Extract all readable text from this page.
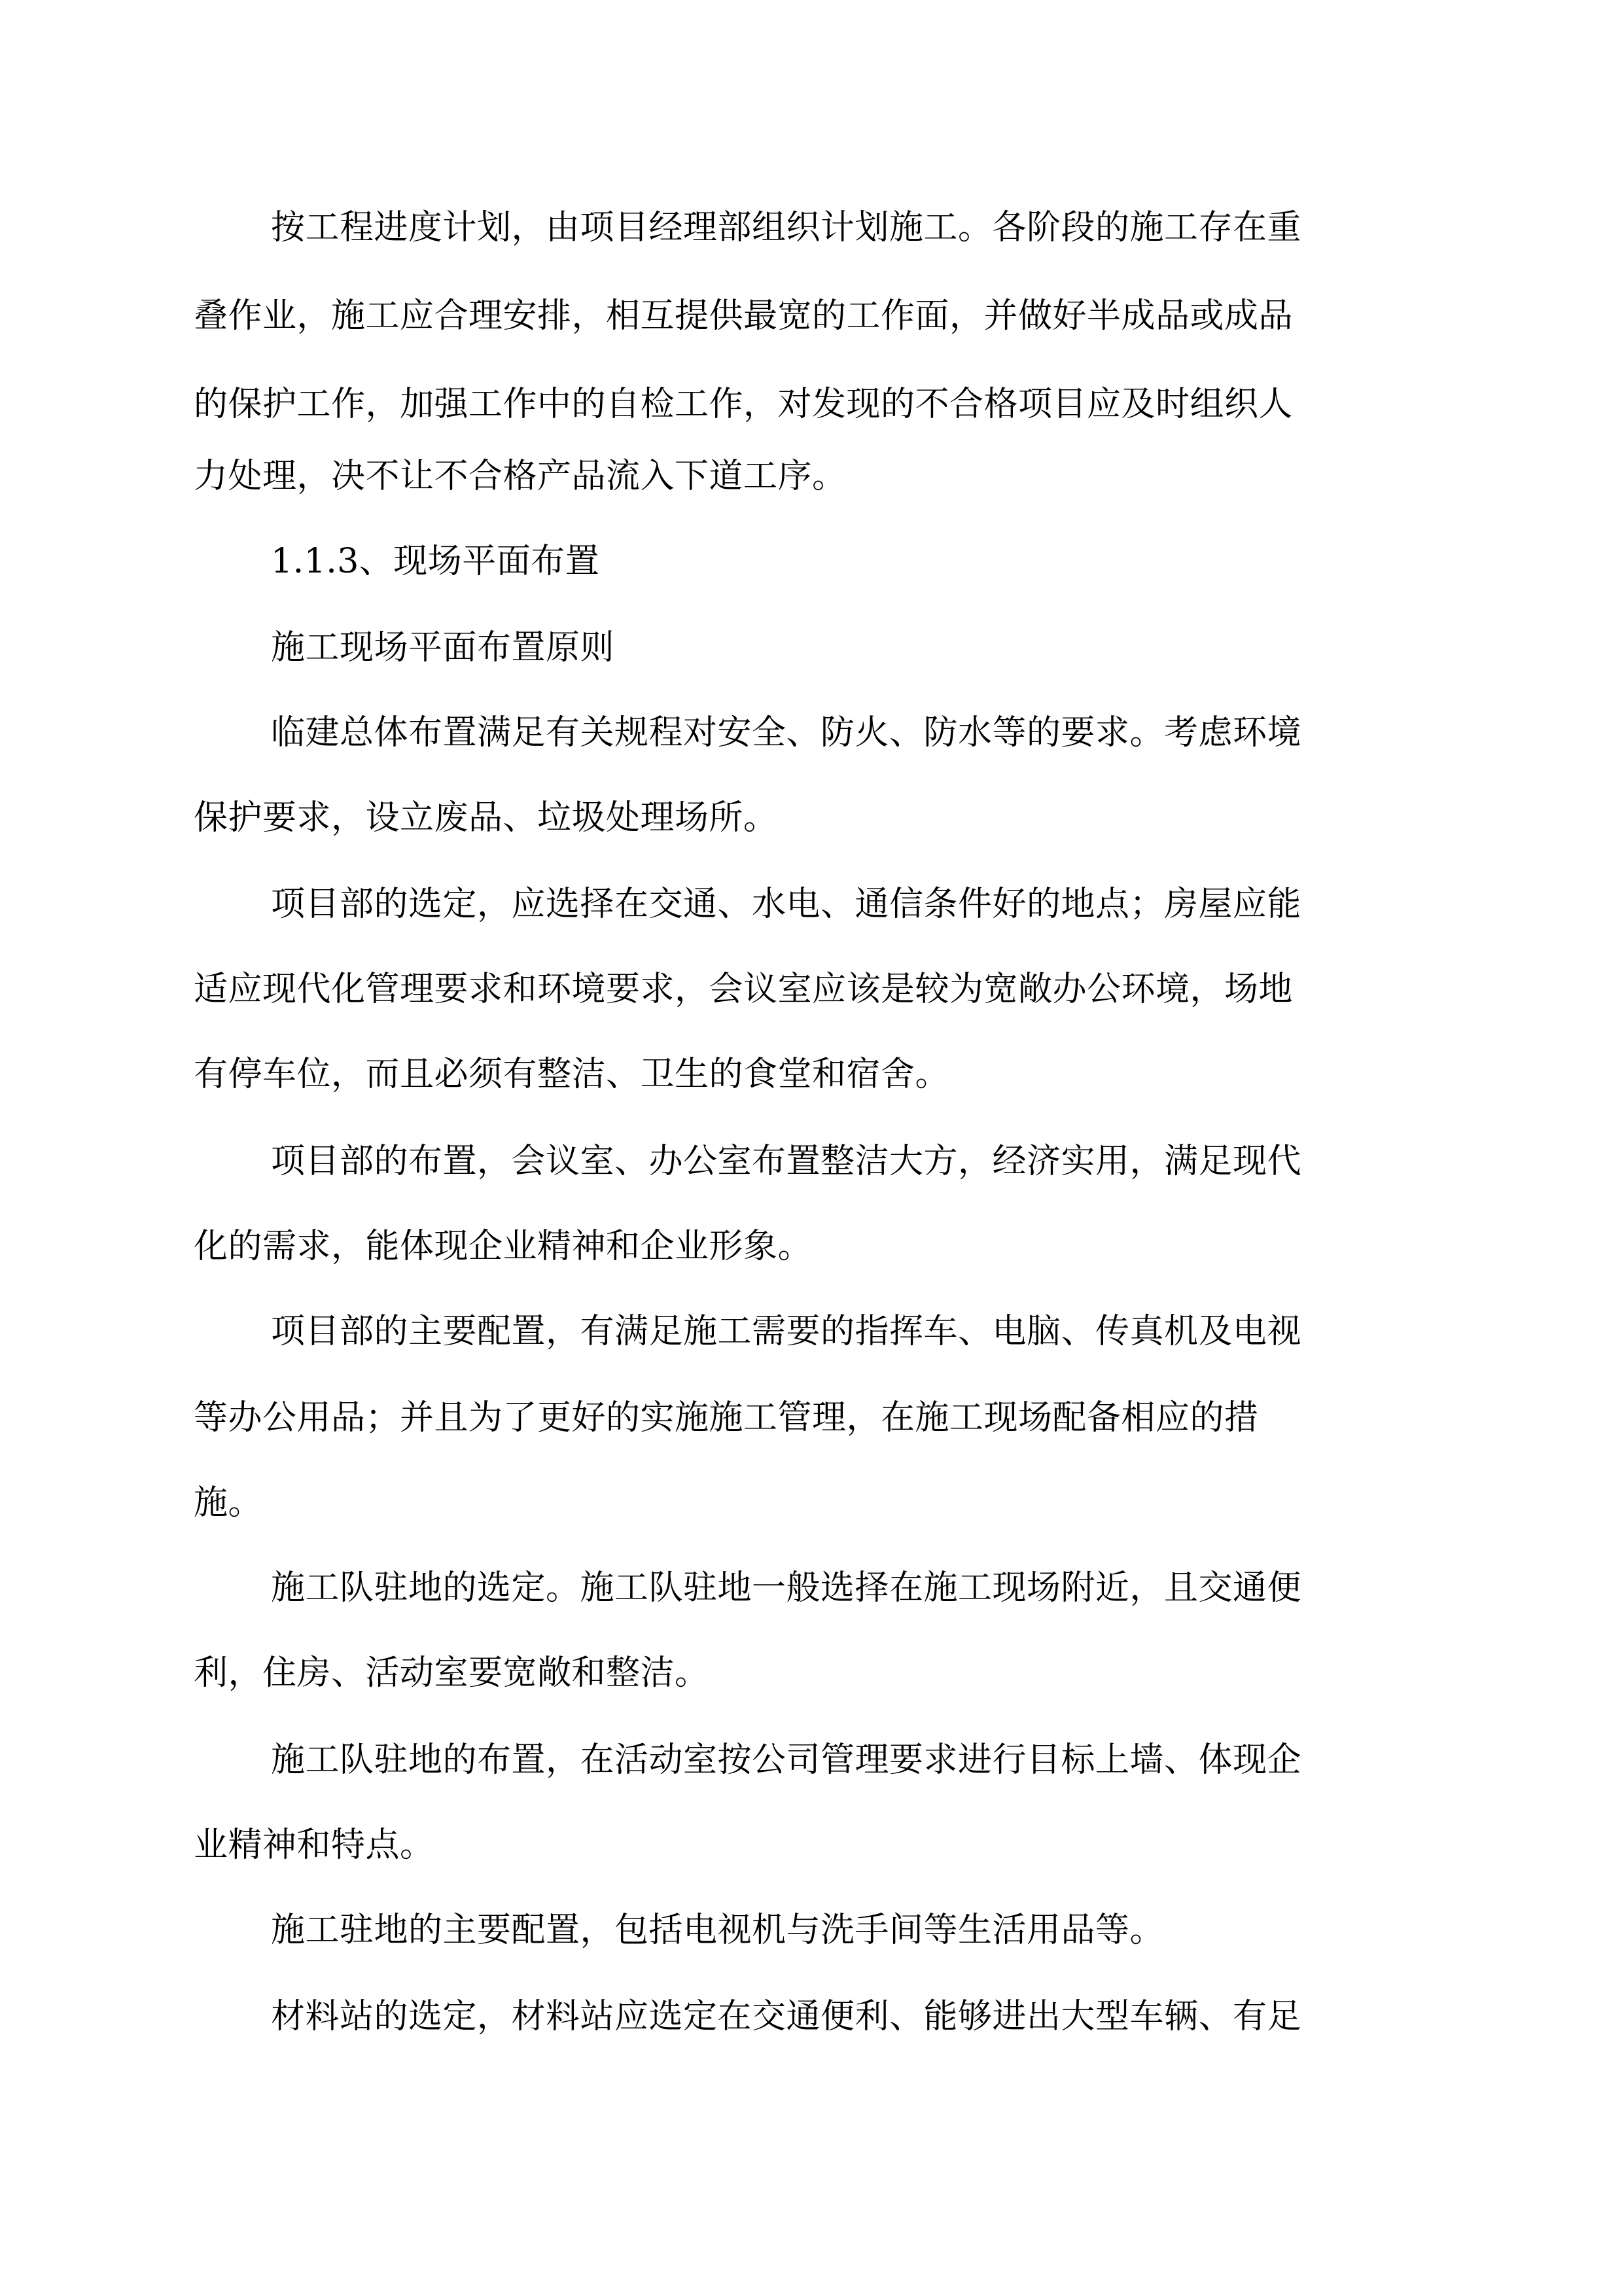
按工程进度计划，由项目经理部组织计划施工。各阶段的施工存在重
叠作业，施工应合理安排，相互提供最宽的工作面，并做好半成品或成品
的保护工作，加强工作中的自检工作，对发现的不合格项目应及时组织人
力处理，决不让不合格产品流入下道工序。
1.1.3、现场平面布置
施工现场平面布置原则
临建总体布置满足有关规程对安全、防火、防水等的要求。考虑环境
保护要求，设立废品、垃圾处理场所。
项目部的选定，应选择在交通、水电、通信条件好的地点；房屋应能
适应现代化管理要求和环境要求，会议室应该是较为宽敞办公环境，场地
有停车位，而且必须有整洁、卫生的食堂和宿舍。
项目部的布置，会议室、办公室布置整洁大方，经济实用，满足现代
化的需求，能体现企业精神和企业形象。
项目部的主要配置，有满足施工需要的指挥车、电脑、传真机及电视
等办公用品；并且为了更好的实施施工管理，在施工现场配备相应的措
施。
施工队驻地的选定。施工队驻地一般选择在施工现场附近，且交通便
利，住房、活动室要宽敞和整洁。
施工队驻地的布置，在活动室按公司管理要求进行目标上墙、体现企
业精神和特点。
施工驻地的主要配置，包括电视机与洗手间等生活用品等。
材料站的选定，材料站应选定在交通便利、能够进出大型车辆、有足
